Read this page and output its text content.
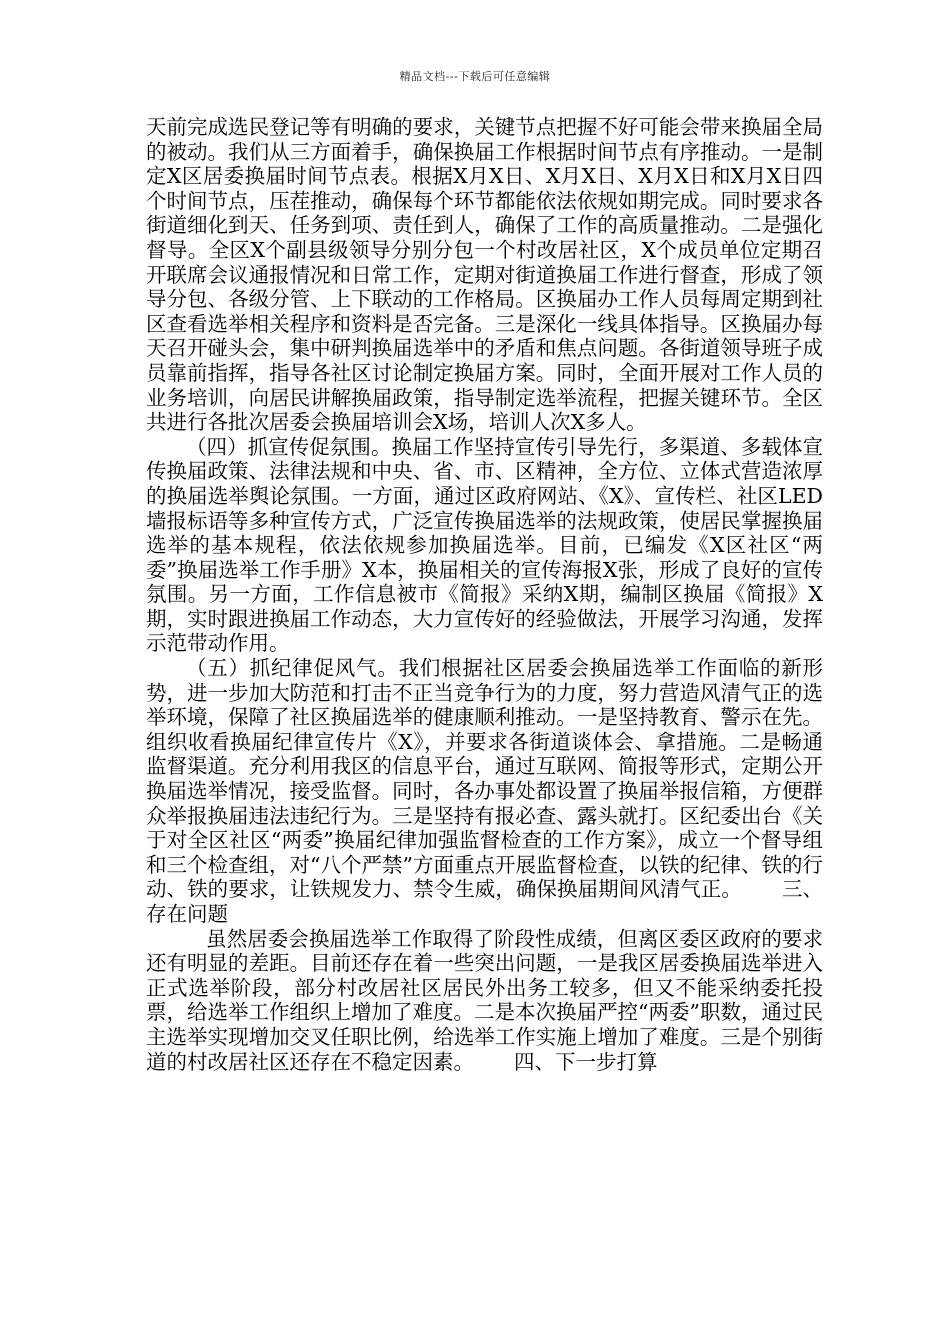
精品文档---下载后可任意编辑

天前完成选民登记等有明确的要求，关键节点把握不好可能会带来换届全局的被动。我们从三方面着手，确保换届工作根据时间节点有序推动。一是制定X区居委换届时间节点表。根据X月X日、X月X日、X月X日和X月X日四个时间节点，压茬推动，确保每个环节都能依法依规如期完成。同时要求各街道细化到天、任务到项、责任到人，确保了工作的高质量推动。二是强化督导。全区X个副县级领导分别分包一个村改居社区，X个成员单位定期召开联席会议通报情况和日常工作，定期对街道换届工作进行督查，形成了领导分包、各级分管、上下联动的工作格局。区换届办工作人员每周定期到社区查看选举相关程序和资料是否完备。三是深化一线具体指导。区换届办每天召开碰头会，集中研判换届选举中的矛盾和焦点问题。各街道领导班子成员靠前指挥，指导各社区讨论制定换届方案。同时，全面开展对工作人员的业务培训，向居民讲解换届政策，指导制定选举流程，把握关键环节。全区共进行各批次居委会换届培训会X场，培训人次X多人。

（四）抓宣传促氛围。换届工作坚持宣传引导先行，多渠道、多载体宣传换届政策、法律法规和中央、省、市、区精神，全方位、立体式营造浓厚的换届选举舆论氛围。一方面，通过区政府网站、《X》、宣传栏、社区LED墙报标语等多种宣传方式，广泛宣传换届选举的法规政策，使居民掌握换届选举的基本规程，依法依规参加换届选举。目前，已编发《X区社区“两委”换届选举工作手册》X本，换届相关的宣传海报X张，形成了良好的宣传氛围。另一方面，工作信息被市《简报》采纳X期，编制区换届《简报》X期，实时跟进换届工作动态，大力宣传好的经验做法，开展学习沟通，发挥示范带动作用。

（五）抓纪律促风气。我们根据社区居委会换届选举工作面临的新形势，进一步加大防范和打击不正当竞争行为的力度，努力营造风清气正的选举环境，保障了社区换届选举的健康顺利推动。一是坚持教育、警示在先。组织收看换届纪律宣传片《X》，并要求各街道谈体会、拿措施。二是畅通监督渠道。充分利用我区的信息平台，通过互联网、简报等形式，定期公开换届选举情况，接受监督。同时，各办事处都设置了换届举报信箱，方便群众举报换届违法违纪行为。三是坚持有报必查、露头就打。区纪委出台《关于对全区社区“两委”换届纪律加强监督检查的工作方案》，成立一个督导组和三个检查组，对“八个严禁”方面重点开展监督检查，以铁的纪律、铁的行动、铁的要求，让铁规发力、禁令生威，确保换届期间风清气正。 三、存在问题

虽然居委会换届选举工作取得了阶段性成绩，但离区委区政府的要求还有明显的差距。目前还存在着一些突出问题，一是我区居委换届选举进入正式选举阶段，部分村改居社区居民外出务工较多，但又不能采纳委托投票，给选举工作组织上增加了难度。二是本次换届严控“两委”职数，通过民主选举实现增加交叉任职比例，给选举工作实施上增加了难度。三是个别街道的村改居社区还存在不稳定因素。 四、下一步打算
